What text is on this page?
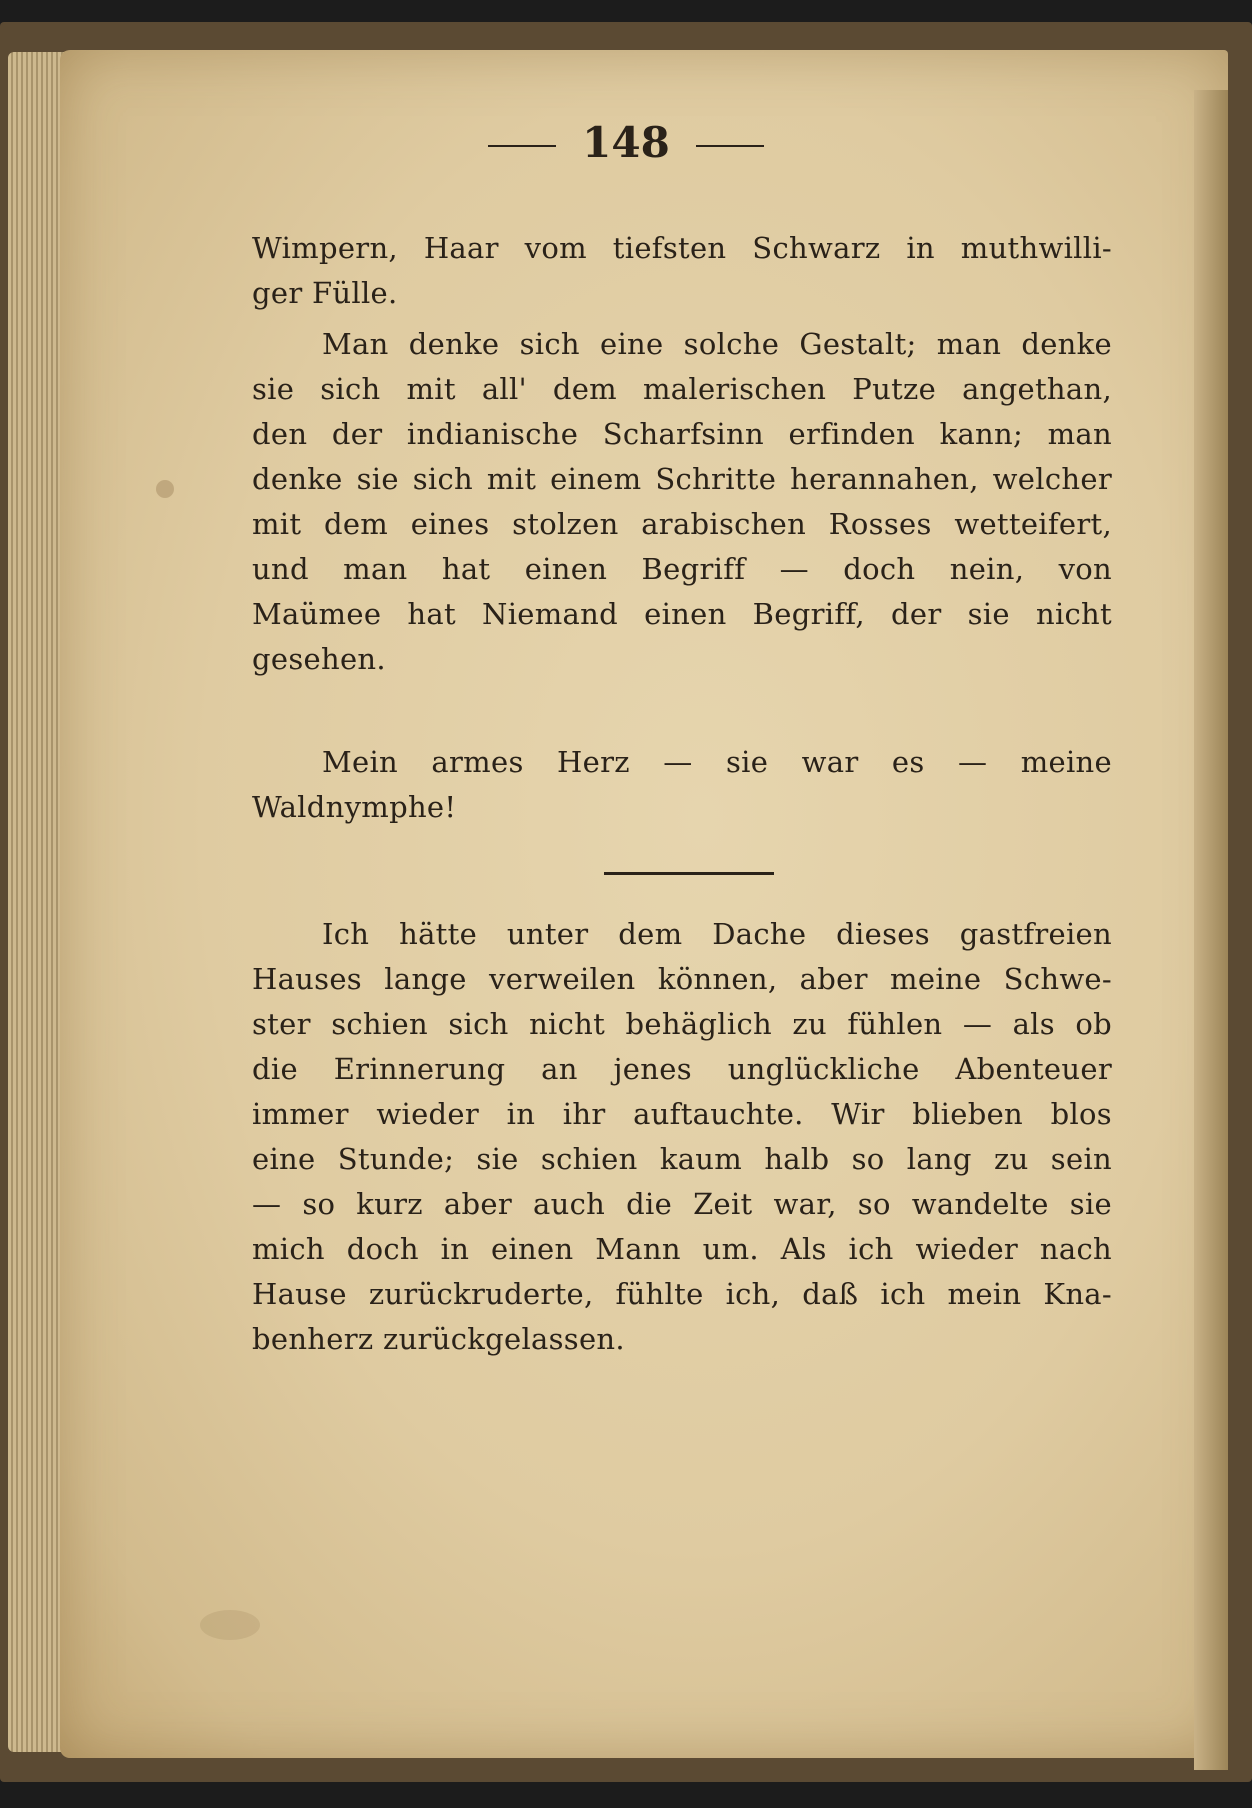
148
Wimpern, Haar vom tiefsten Schwarz in muthwilli-
ger Fülle.
Man denke sich eine solche Gestalt; man denke
sie sich mit all' dem malerischen Putze angethan,
den der indianische Scharfsinn erfinden kann; man
denke sie sich mit einem Schritte herannahen, welcher
mit dem eines stolzen arabischen Rosses wetteifert,
und man hat einen Begriff — doch nein, von
Maümee hat Niemand einen Begriff, der sie nicht
gesehen.
Mein armes Herz — sie war es — meine
Waldnymphe!
Ich hätte unter dem Dache dieses gastfreien
Hauses lange verweilen können, aber meine Schwe-
ster schien sich nicht behäglich zu fühlen — als ob
die Erinnerung an jenes unglückliche Abenteuer
immer wieder in ihr auftauchte. Wir blieben blos
eine Stunde; sie schien kaum halb so lang zu sein
— so kurz aber auch die Zeit war, so wandelte sie
mich doch in einen Mann um. Als ich wieder nach
Hause zurückruderte, fühlte ich, daß ich mein Kna-
benherz zurückgelassen.
